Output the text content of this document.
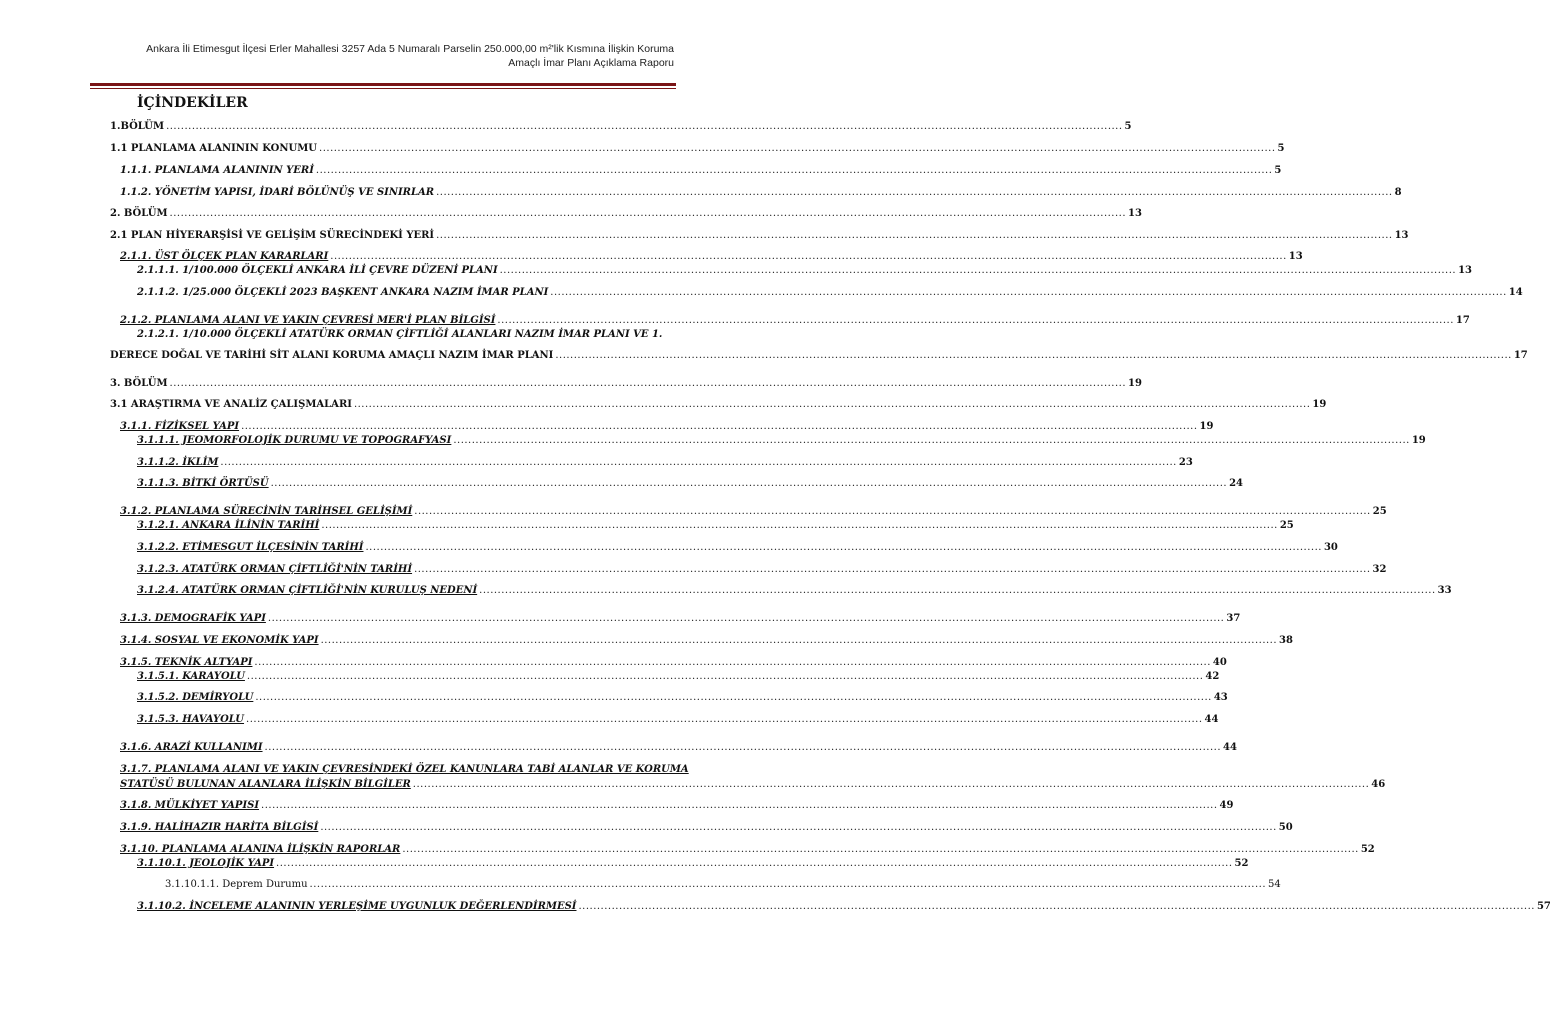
Ankara İli Etimesgut İlçesi Erler Mahallesi 3257 Ada 5 Numaralı Parselin 250.000,00 m²'lik Kısmına İlişkin Koruma
Amaçlı İmar Planı Açıklama Raporu
İÇİNDEKİLER
1.BÖLÜM .................................................................................................................................................................................................................................................................... 5
1.1 PLANLAMA ALANININ KONUMU .................................................................................................................................................................................................................................................................... 5
1.1.1. PLANLAMA ALANININ YERİ .................................................................................................................................................................................................................................................................... 5
1.1.2. YÖNETİM YAPISI, İDARİ BÖLÜNÜŞ VE SINIRLAR .................................................................................................................................................................................................................................................................... 8
2. BÖLÜM .................................................................................................................................................................................................................................................................... 13
2.1 PLAN HİYERARŞİSİ VE GELİŞİM SÜRECİNDEKİ YERİ .................................................................................................................................................................................................................................................................... 13
2.1.1. ÜST ÖLÇEK PLAN KARARLARI .................................................................................................................................................................................................................................................................... 13
2.1.1.1. 1/100.000 ÖLÇEKLİ ANKARA İLİ ÇEVRE DÜZENİ PLANI .................................................................................................................................................................................................................................................................... 13
2.1.1.2. 1/25.000 ÖLÇEKLİ 2023 BAŞKENT ANKARA NAZIM İMAR PLANI .................................................................................................................................................................................................................................................................... 14
2.1.2. PLANLAMA ALANI VE YAKIN ÇEVRESİ MER'İ PLAN BİLGİSİ .................................................................................................................................................................................................................................................................... 17
2.1.2.1. 1/10.000 ÖLÇEKLİ ATATÜRK ORMAN ÇİFTLİĞİ ALANLARI NAZIM İMAR PLANI VE 1.
DERECE DOĞAL VE TARİHİ SİT ALANI KORUMA AMAÇLI NAZIM İMAR PLANI .................................................................................................................................................................................................................................................................... 17
3. BÖLÜM .................................................................................................................................................................................................................................................................... 19
3.1 ARAŞTIRMA VE ANALİZ ÇALIŞMALARI .................................................................................................................................................................................................................................................................... 19
3.1.1. FİZİKSEL YAPI .................................................................................................................................................................................................................................................................... 19
3.1.1.1. JEOMORFOLOJİK DURUMU VE TOPOGRAFYASI .................................................................................................................................................................................................................................................................... 19
3.1.1.2. İKLİM .................................................................................................................................................................................................................................................................... 23
3.1.1.3. BİTKİ ÖRTÜSÜ .................................................................................................................................................................................................................................................................... 24
3.1.2. PLANLAMA SÜRECİNİN TARİHSEL GELİŞİMİ .................................................................................................................................................................................................................................................................... 25
3.1.2.1. ANKARA İLİNİN TARİHİ .................................................................................................................................................................................................................................................................... 25
3.1.2.2. ETİMESGUT İLÇESİNİN TARİHİ .................................................................................................................................................................................................................................................................... 30
3.1.2.3. ATATÜRK ORMAN ÇİFTLİĞİ'NİN TARİHİ .................................................................................................................................................................................................................................................................... 32
3.1.2.4. ATATÜRK ORMAN ÇİFTLİĞİ'NİN KURULUŞ NEDENİ .................................................................................................................................................................................................................................................................... 33
3.1.3. DEMOGRAFİK YAPI .................................................................................................................................................................................................................................................................... 37
3.1.4. SOSYAL VE EKONOMİK YAPI .................................................................................................................................................................................................................................................................... 38
3.1.5. TEKNİK ALTYAPI .................................................................................................................................................................................................................................................................... 40
3.1.5.1. KARAYOLU .................................................................................................................................................................................................................................................................... 42
3.1.5.2. DEMİRYOLU .................................................................................................................................................................................................................................................................... 43
3.1.5.3. HAVAYOLU .................................................................................................................................................................................................................................................................... 44
3.1.6. ARAZİ KULLANIMI .................................................................................................................................................................................................................................................................... 44
3.1.7. PLANLAMA ALANI VE YAKIN ÇEVRESİNDEKİ ÖZEL KANUNLARA TABİ ALANLAR VE KORUMA
STATÜSÜ BULUNAN ALANLARA İLİŞKİN BİLGİLER .................................................................................................................................................................................................................................................................... 46
3.1.8. MÜLKİYET YAPISI .................................................................................................................................................................................................................................................................... 49
3.1.9. HALİHAZIR HARİTA BİLGİSİ .................................................................................................................................................................................................................................................................... 50
3.1.10. PLANLAMA ALANINA İLİŞKİN RAPORLAR .................................................................................................................................................................................................................................................................... 52
3.1.10.1. JEOLOJİK YAPI .................................................................................................................................................................................................................................................................... 52
3.1.10.1.1. Deprem Durumu .................................................................................................................................................................................................................................................................... 54
3.1.10.2. İNCELEME ALANININ YERLEŞİME UYGUNLUK DEĞERLENDİRMESİ .................................................................................................................................................................................................................................................................... 57
